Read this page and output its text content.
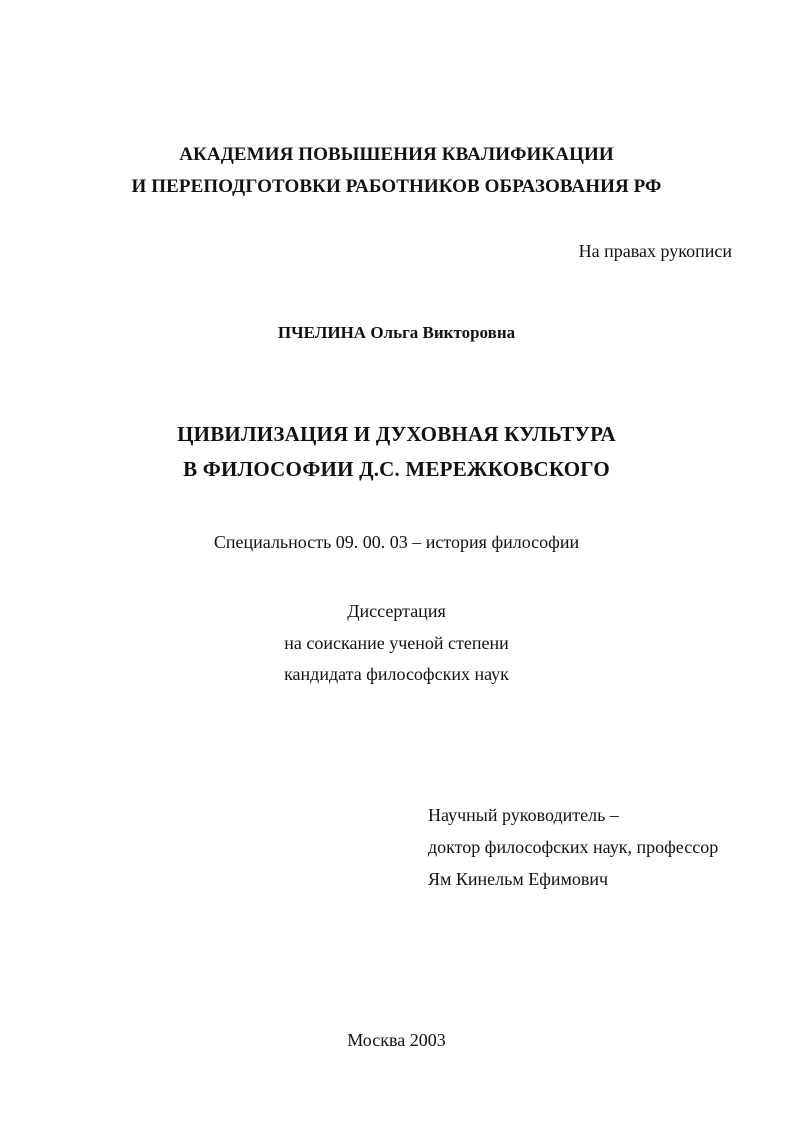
АКАДЕМИЯ ПОВЫШЕНИЯ КВАЛИФИКАЦИИ
И ПЕРЕПОДГОТОВКИ РАБОТНИКОВ ОБРАЗОВАНИЯ РФ
На правах рукописи
ПЧЕЛИНА Ольга Викторовна
ЦИВИЛИЗАЦИЯ И ДУХОВНАЯ КУЛЬТУРА
В ФИЛОСОФИИ Д.С. МЕРЕЖКОВСКОГО
Специальность 09. 00. 03 – история философии
Диссертация
на соискание ученой степени
кандидата философских наук
Научный руководитель –
доктор философских наук, профессор
Ям Кинельм Ефимович
Москва 2003
